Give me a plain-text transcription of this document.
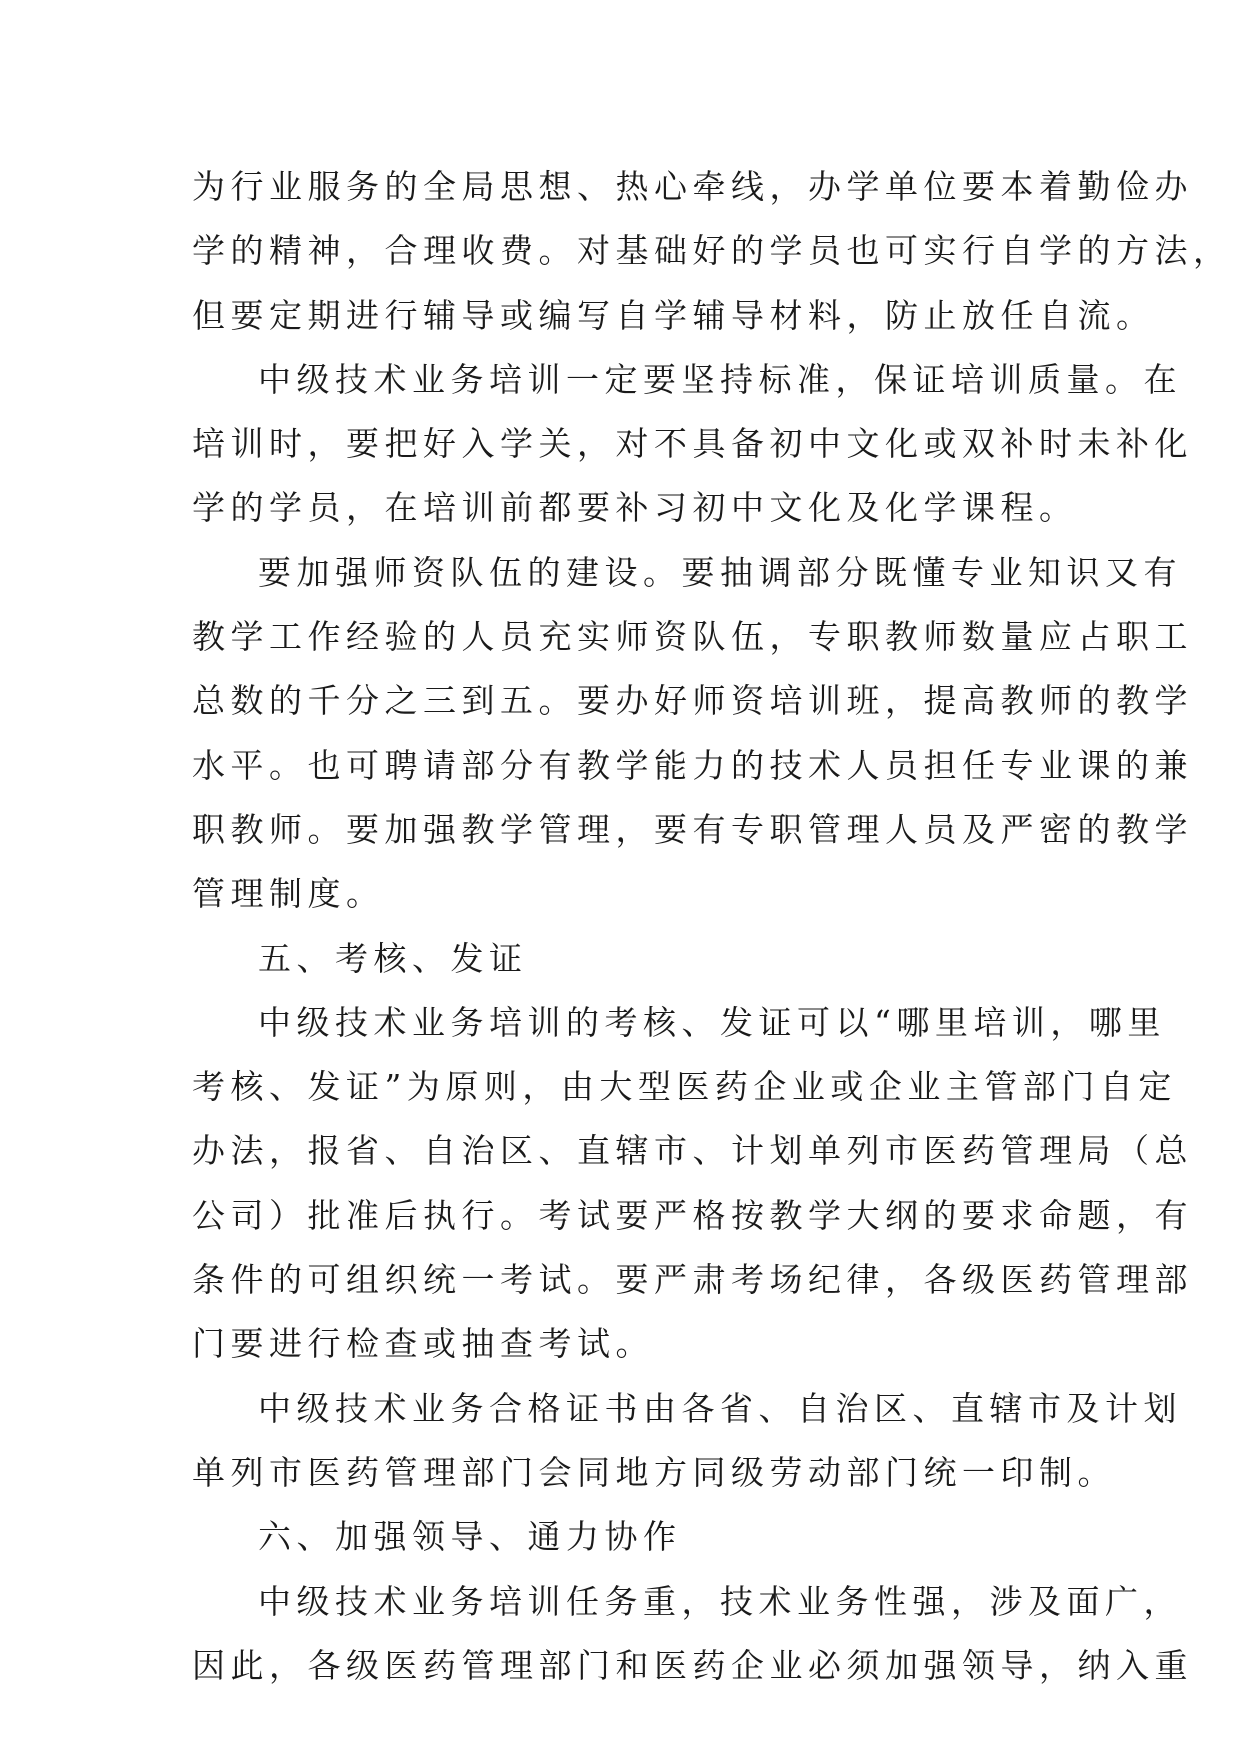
为行业服务的全局思想、热心牵线，办学单位要本着勤俭办
学的精神，合理收费。对基础好的学员也可实行自学的方法，
但要定期进行辅导或编写自学辅导材料，防止放任自流。
中级技术业务培训一定要坚持标准，保证培训质量。在
培训时，要把好入学关，对不具备初中文化或双补时未补化
学的学员，在培训前都要补习初中文化及化学课程。
要加强师资队伍的建设。要抽调部分既懂专业知识又有
教学工作经验的人员充实师资队伍，专职教师数量应占职工
总数的千分之三到五。要办好师资培训班，提高教师的教学
水平。也可聘请部分有教学能力的技术人员担任专业课的兼
职教师。要加强教学管理，要有专职管理人员及严密的教学
管理制度。
五、考核、发证
中级技术业务培训的考核、发证可以“哪里培训，哪里
考核、发证”为原则，由大型医药企业或企业主管部门自定
办法，报省、自治区、直辖市、计划单列市医药管理局（总
公司）批准后执行。考试要严格按教学大纲的要求命题，有
条件的可组织统一考试。要严肃考场纪律，各级医药管理部
门要进行检查或抽查考试。
中级技术业务合格证书由各省、自治区、直辖市及计划
单列市医药管理部门会同地方同级劳动部门统一印制。
六、加强领导、通力协作
中级技术业务培训任务重，技术业务性强，涉及面广，
因此，各级医药管理部门和医药企业必须加强领导，纳入重
